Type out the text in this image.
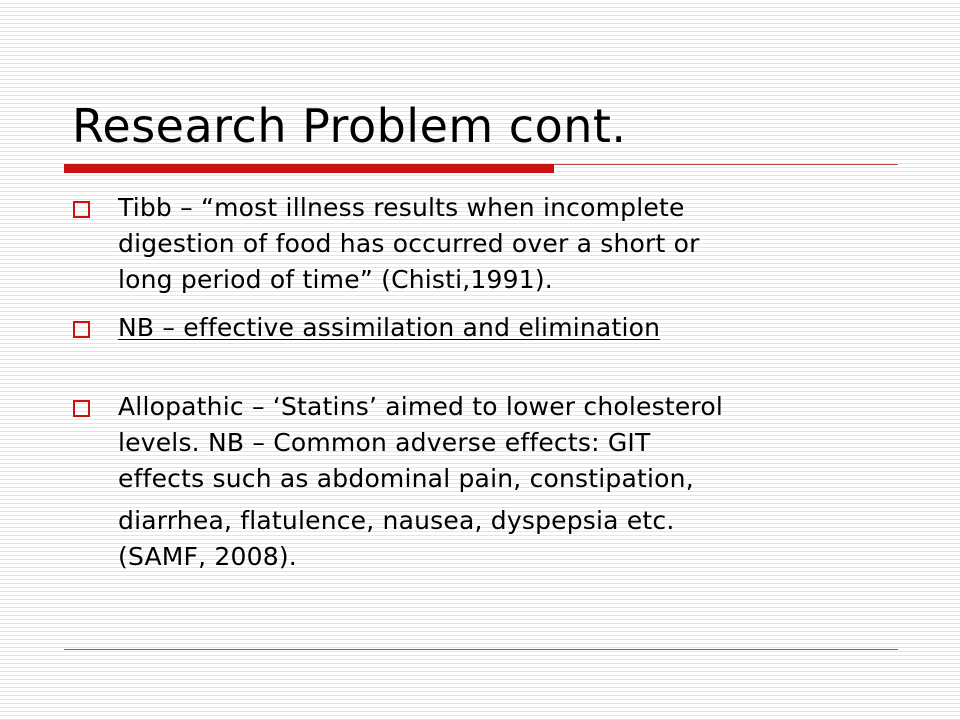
Research Problem cont.
Tibb – “most illness results when incomplete
digestion of food has occurred over a short or
long period of time” (Chisti,1991).
NB – effective assimilation and elimination
Allopathic – ‘Statins’ aimed to lower cholesterol
levels. NB – Common adverse effects: GIT
effects such as abdominal pain, constipation,
diarrhea, flatulence, nausea, dyspepsia etc.
(SAMF, 2008).
